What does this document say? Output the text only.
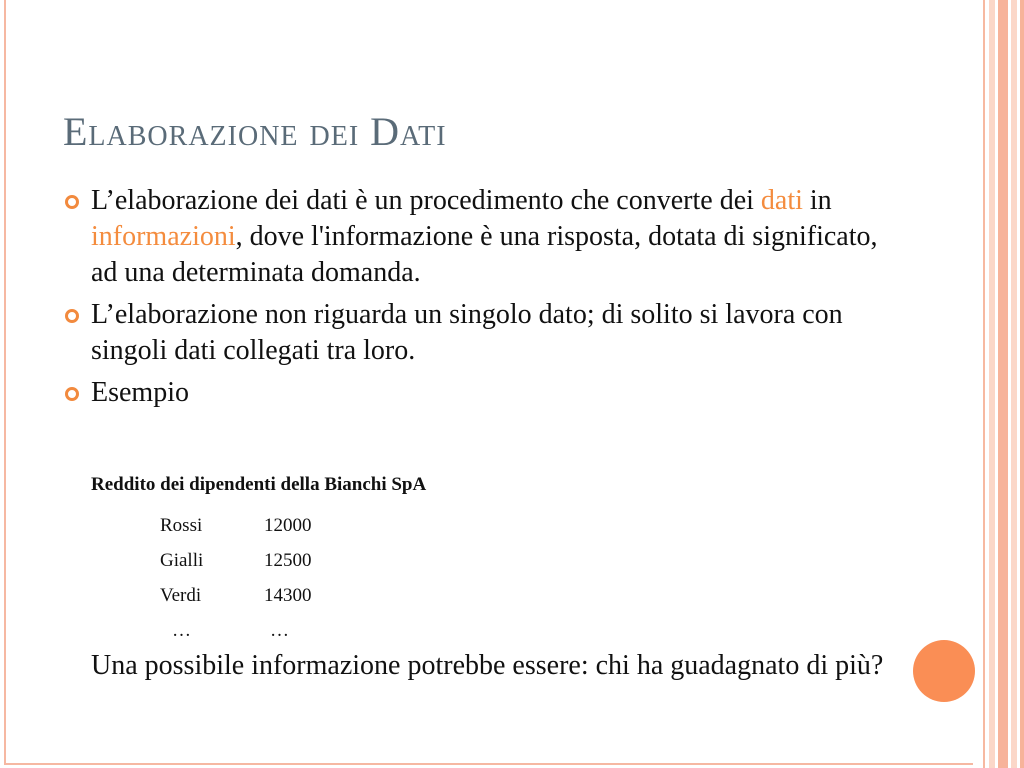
Elaborazione dei Dati
L’elaborazione dei dati è un procedimento che converte dei dati in informazioni, dove l'informazione è una risposta, dotata di significato, ad una determinata domanda.
L’elaborazione non riguarda un singolo dato; di solito si lavora con singoli dati collegati tra loro.
Esempio
Reddito dei dipendenti della Bianchi SpA
Rossi	12000
Gialli	12500
Verdi	14300
…	…

Una possibile informazione potrebbe essere: chi ha guadagnato di più?
